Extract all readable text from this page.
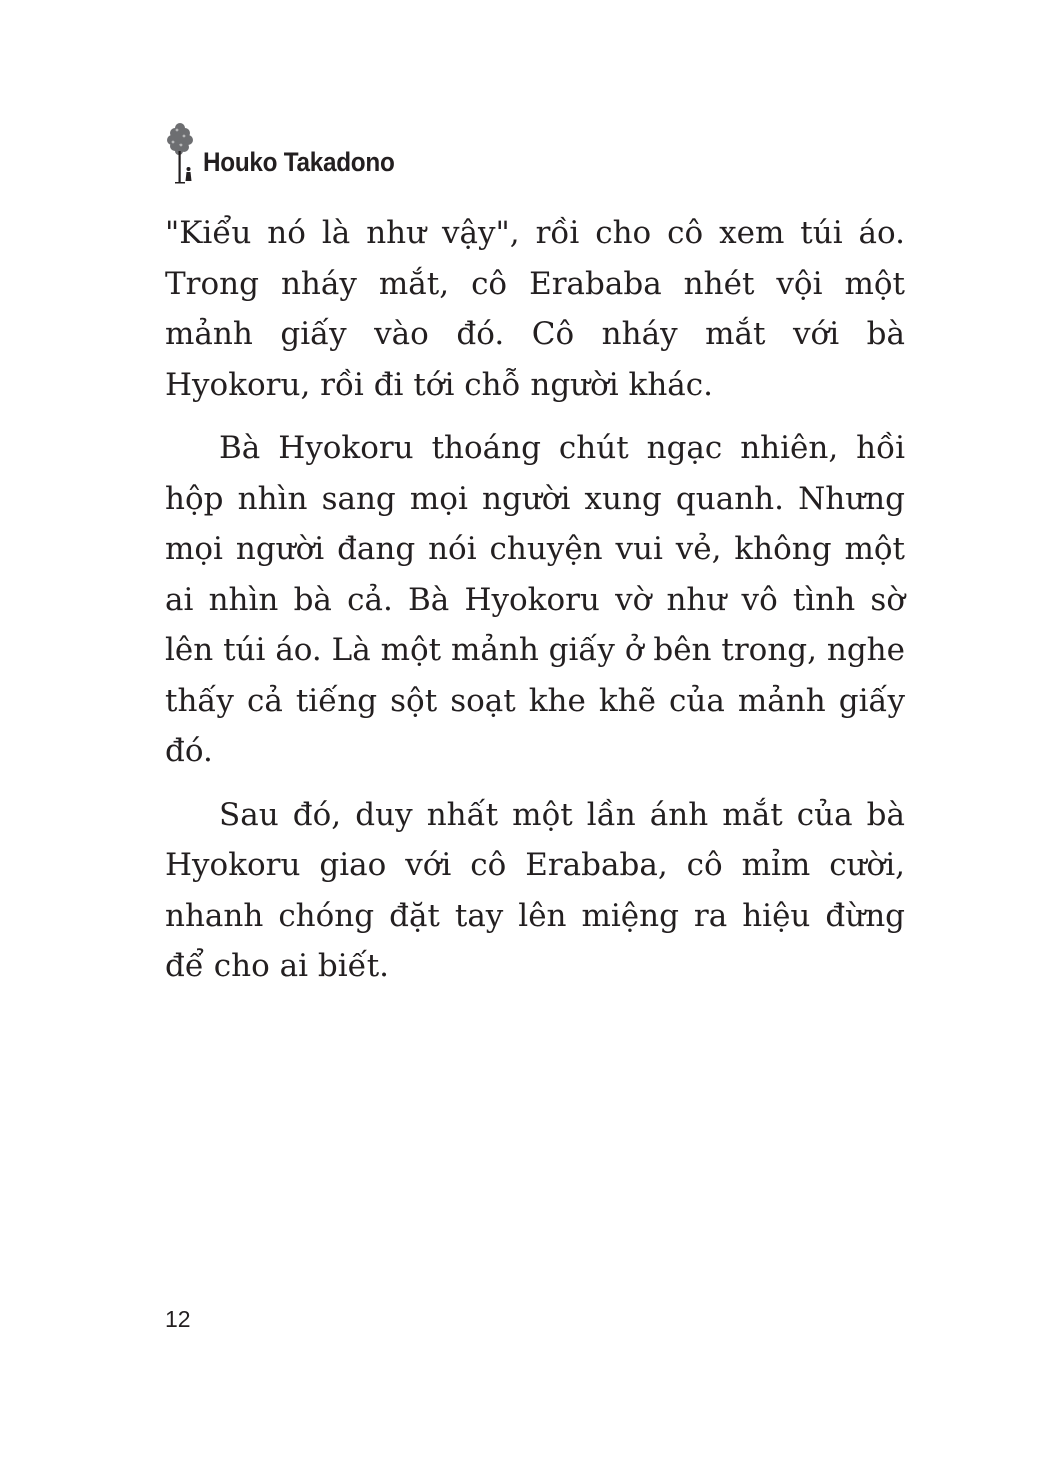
Houko Takadono

"Kiểu nó là như vậy", rồi cho cô xem túi áo. Trong nháy mắt, cô Erababa nhét vội một mảnh giấy vào đó. Cô nháy mắt với bà Hyokoru, rồi đi tới chỗ người khác.

Bà Hyokoru thoáng chút ngạc nhiên, hồi hộp nhìn sang mọi người xung quanh. Nhưng mọi người đang nói chuyện vui vẻ, không một ai nhìn bà cả. Bà Hyokoru vờ như vô tình sờ lên túi áo. Là một mảnh giấy ở bên trong, nghe thấy cả tiếng sột soạt khe khẽ của mảnh giấy đó.

Sau đó, duy nhất một lần ánh mắt của bà Hyokoru giao với cô Erababa, cô mỉm cười, nhanh chóng đặt tay lên miệng ra hiệu đừng để cho ai biết.

12
